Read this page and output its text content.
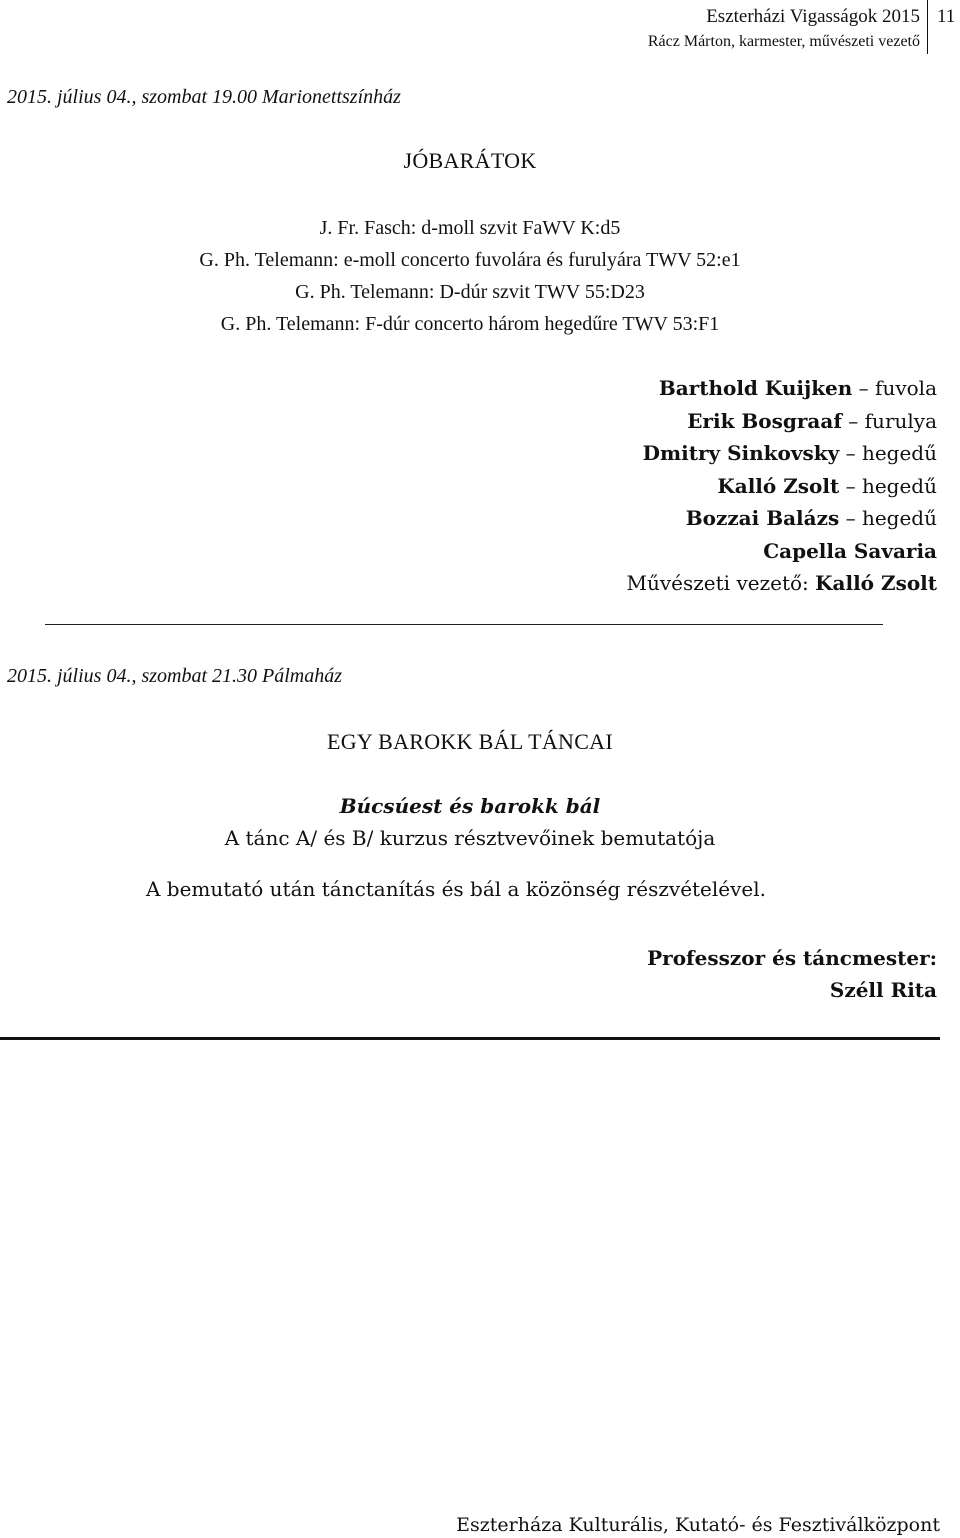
Eszterházi Vigasságok 2015
Rácz Márton, karmester, művészeti vezető
11
2015. július 04., szombat 19.00 Marionettszínház
JÓBARÁTOK
J. Fr. Fasch: d-moll szvit FaWV K:d5
G. Ph. Telemann: e-moll concerto fuvolára és furulyára TWV 52:e1
G. Ph. Telemann: D-dúr szvit TWV 55:D23
G. Ph. Telemann: F-dúr concerto három hegedűre TWV 53:F1
Barthold Kuijken – fuvola
Erik Bosgraaf – furulya
Dmitry Sinkovsky – hegedű
Kalló Zsolt – hegedű
Bozzai Balázs – hegedű
Capella Savaria
Művészeti vezető: Kalló Zsolt
2015. július 04., szombat 21.30 Pálmaház
EGY BAROKK BÁL TÁNCAI
Búcsúest és barokk bál
A tánc A/ és B/ kurzus résztvevőinek bemutatója
A bemutató után tánctanítás és bál a közönség részvételével.
Professzor és táncmester:
Széll Rita
Eszterháza Kulturális, Kutató- és Fesztiválközpont
